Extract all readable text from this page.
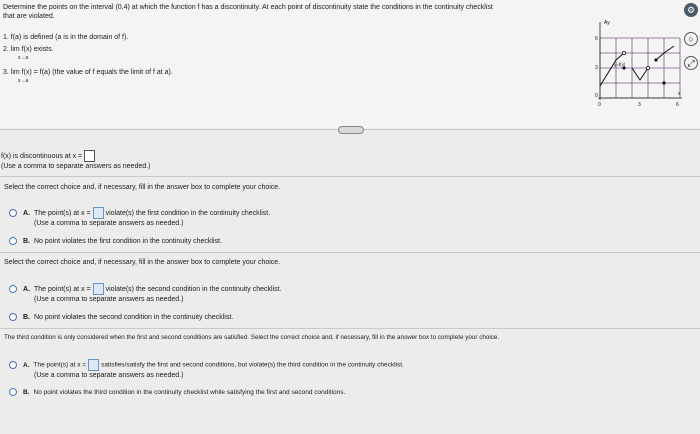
Determine the points on the interval (0,4) at which the function f has a discontinuity. At each point of discontinuity state the conditions in the continuity checklist
that are violated.
1. f(a) is defined (a is in the domain of f).
2. lim f(x) exists.
x→a
3. lim f(x) = f(a) (the value of f equals the limit of f at a).
x→a
Ay
x
6
3
0
0	3	6
y=f(x)
⚙
○
⤢
f(x) is discontinuous at x =
(Use a comma to separate answers as needed.)
Select the correct choice and, if necessary, fill in the answer box to complete your choice.
A. The point(s) at x = violate(s) the first condition in the continuity checklist.
(Use a comma to separate answers as needed.)
B. No point violates the first condition in the continuity checklist.
Select the correct choice and, if necessary, fill in the answer box to complete your choice.
A. The point(s) at x = violate(s) the second condition in the continuity checklist.
(Use a comma to separate answers as needed.)
B. No point violates the second condition in the continuity checklist.
The third condition is only considered when the first and second conditions are satisfied. Select the correct choice and, if necessary, fill in the answer box to complete your choice.
A. The point(s) at x = satisfies/satisfy the first and second conditions, but violate(s) the third condition in the continuity checklist.
(Use a comma to separate answers as needed.)
B. No point violates the third condition in the continuity checklist while satisfying the first and second conditions.
